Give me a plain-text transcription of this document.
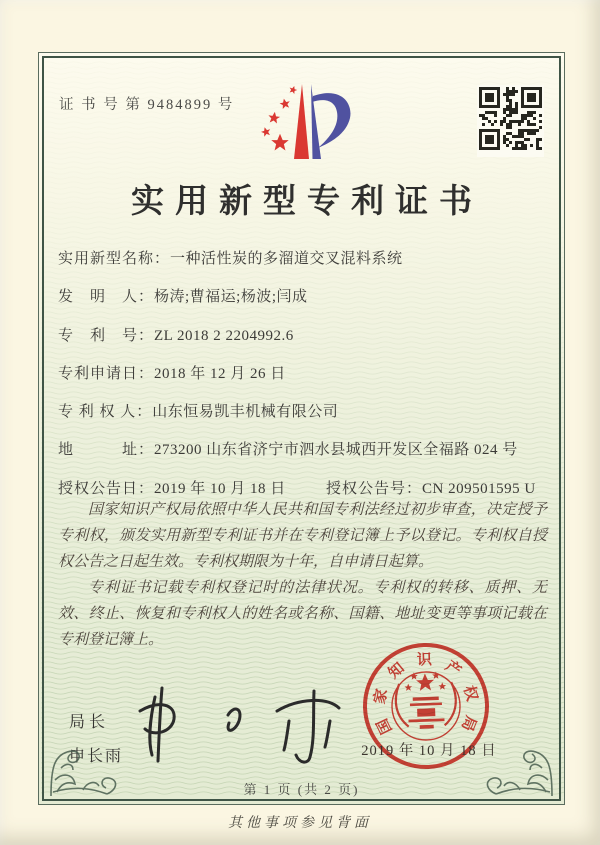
证 书 号 第 9484899 号
实用新型专利证书
实用新型名称： 一种活性炭的多溜道交叉混料系统
发　明　人： 杨涛;曹福运;杨波;闫成
专　利　号： ZL 2018 2 2204992.6
专利申请日： 2018 年 12 月 26 日
专 利 权 人： 山东恒易凯丰机械有限公司
地　　　址： 273200 山东省济宁市泗水县城西开发区全福路 024 号
授权公告日： 2019 年 10 月 18 日	授权公告号： CN 209501595 U

国家知识产权局依照中华人民共和国专利法经过初步审查，决定授予专利权，颁发实用新型专利证书并在专利登记簿上予以登记。专利权自授权公告之日起生效。专利权期限为十年，自申请日起算。

专利证书记载专利权登记时的法律状况。专利权的转移、质押、无效、终止、恢复和专利权人的姓名或名称、国籍、地址变更等事项记载在专利登记簿上。

局长
申长雨
国
家
知 识 产
权
局
2019 年 10 月 18 日
第 1 页 (共 2 页)
其他事项参见背面
